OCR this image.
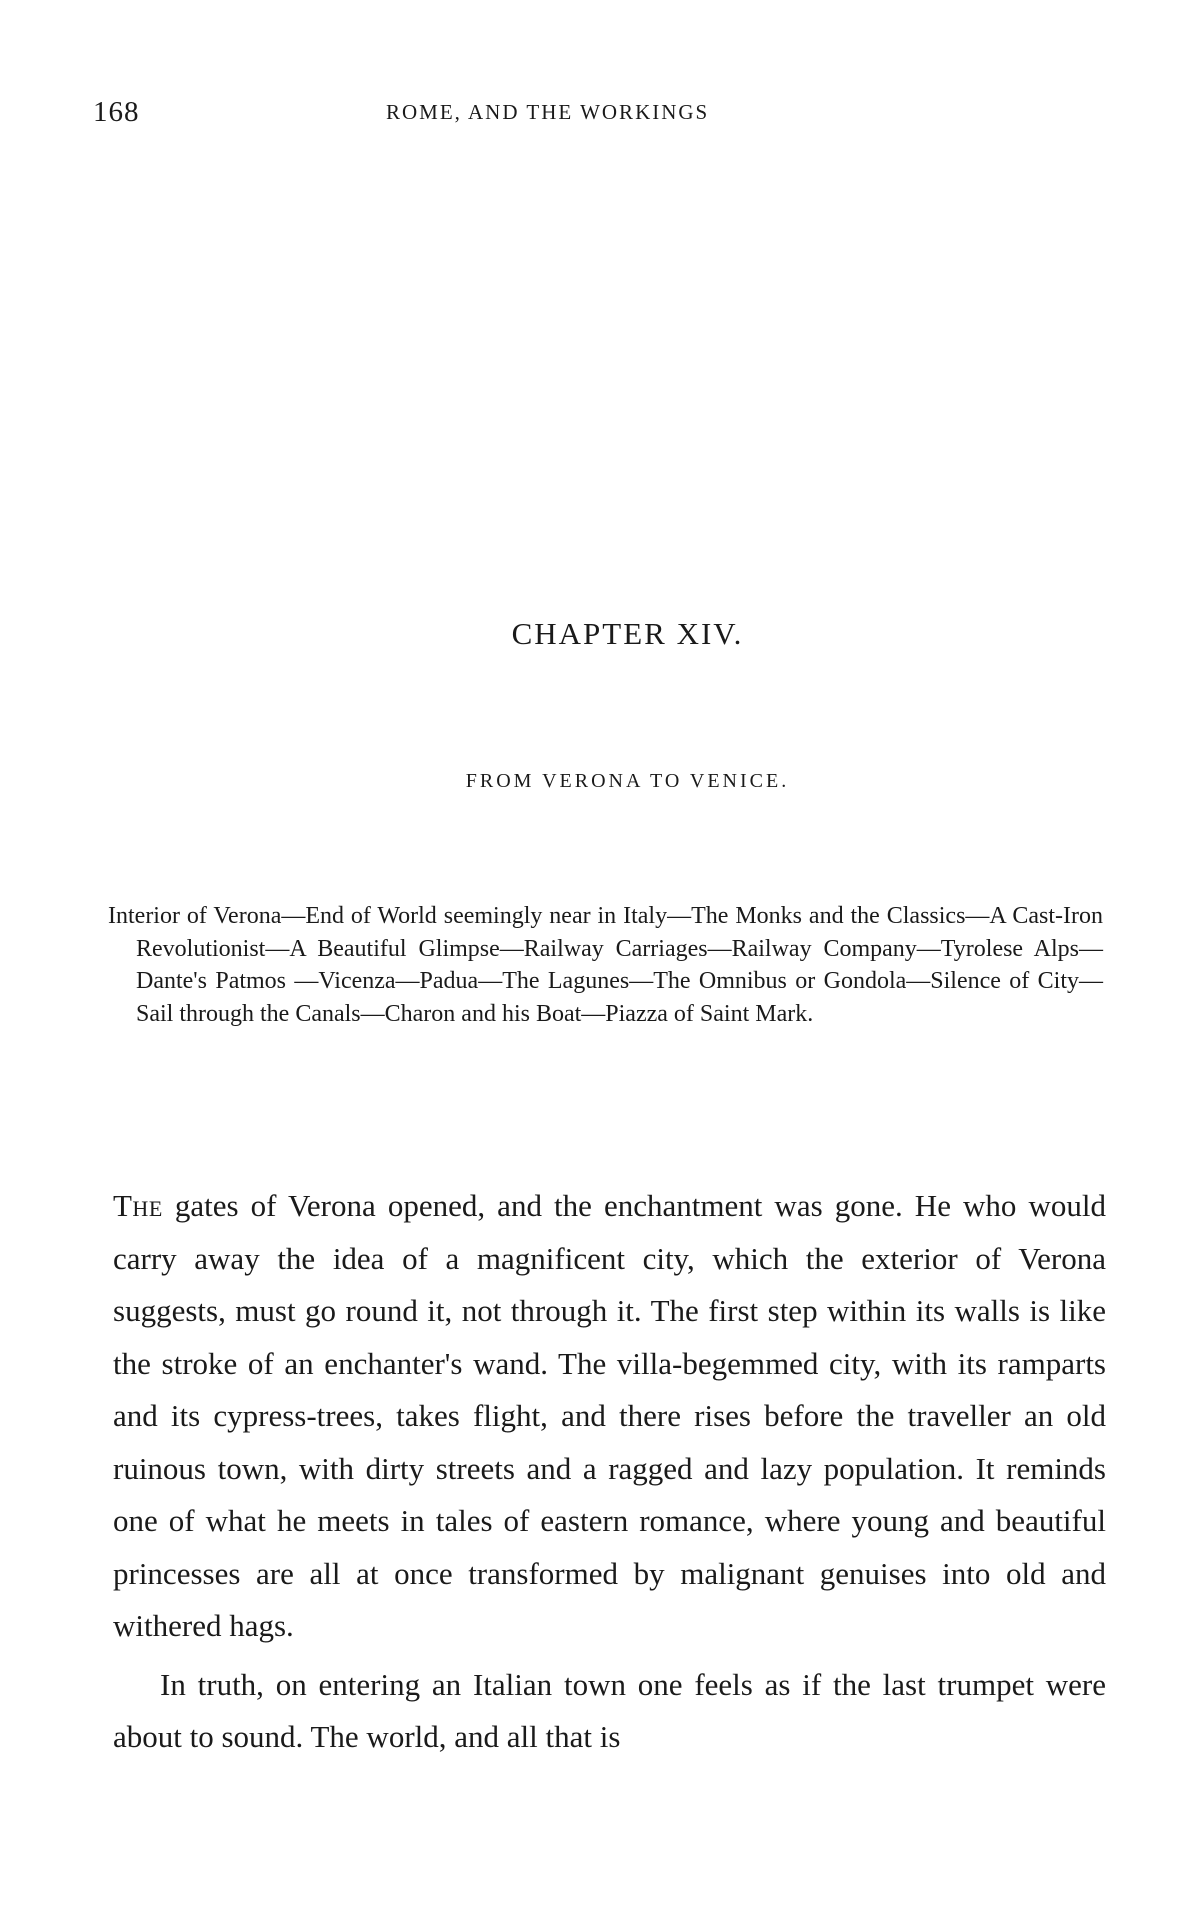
168	ROME, AND THE WORKINGS
CHAPTER XIV.
FROM VERONA TO VENICE.
Interior of Verona—End of World seemingly near in Italy—The Monks and the Classics—A Cast-Iron Revolutionist—A Beautiful Glimpse—Railway Carriages—Railway Company—Tyrolese Alps—Dante's Patmos —Vicenza—Padua—The Lagunes—The Omnibus or Gondola—Silence of City—Sail through the Canals—Charon and his Boat—Piazza of Saint Mark.

The gates of Verona opened, and the enchantment was gone. He who would carry away the idea of a magnificent city, which the exterior of Verona suggests, must go round it, not through it. The first step within its walls is like the stroke of an enchanter's wand. The villa-begemmed city, with its ramparts and its cypress-trees, takes flight, and there rises before the traveller an old ruinous town, with dirty streets and a ragged and lazy population. It reminds one of what he meets in tales of eastern romance, where young and beautiful princesses are all at once transformed by malignant genuises into old and withered hags.

In truth, on entering an Italian town one feels as if the last trumpet were about to sound. The world, and all that is
